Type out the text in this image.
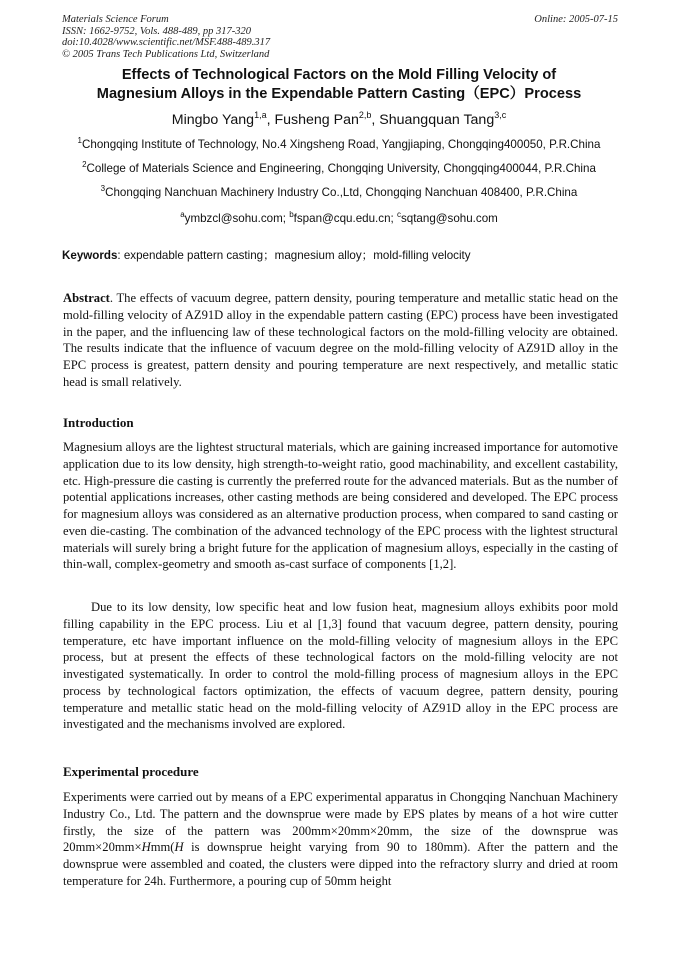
Materials Science Forum
ISSN: 1662-9752, Vols. 488-489, pp 317-320
doi:10.4028/www.scientific.net/MSF.488-489.317
© 2005 Trans Tech Publications Ltd, Switzerland
Online: 2005-07-15
Effects of Technological Factors on the Mold Filling Velocity of
Magnesium Alloys in the Expendable Pattern Casting（EPC）Process
Mingbo Yang$^{1,a}$, Fusheng Pan$^{2,b}$, Shuangquan Tang$^{3,c}$
$^1$Chongqing Institute of Technology, No.4 Xingsheng Road, Yangjiaping, Chongqing400050, P.R.China
$^2$College of Materials Science and Engineering, Chongqing University, Chongqing400044, P.R.China
$^3$Chongqing Nanchuan Machinery Industry Co.,Ltd, Chongqing Nanchuan 408400, P.R.China
$^a$ymbzcl@sohu.com; $^b$fspan@cqu.edu.cn; $^c$sqtang@sohu.com
Keywords: expendable pattern casting；magnesium alloy；mold-filling velocity

Abstract. The effects of vacuum degree, pattern density, pouring temperature and metallic static head on the mold-filling velocity of AZ91D alloy in the expendable pattern casting (EPC) process have been investigated in the paper, and the influencing law of these technological factors on the mold-filling velocity are obtained. The results indicate that the influence of vacuum degree on the mold-filling velocity of AZ91D alloy in the EPC process is greatest, pattern density and pouring temperature are next respectively, and metallic static head is small relatively.

Introduction

Magnesium alloys are the lightest structural materials, which are gaining increased importance for automotive application due to its low density, high strength-to-weight ratio, good machinability, and excellent castability, etc. High-pressure die casting is currently the preferred route for the advanced materials. But as the number of potential applications increases, other casting methods are being considered and developed. The EPC process for magnesium alloys was considered as an alternative production process, when compared to sand casting or even die-casting. The combination of the advanced technology of the EPC process with the lightest structural materials will surely bring a bright future for the application of magnesium alloys, especially in the casting of thin-wall, complex-geometry and smooth as-cast surface of components [1,2].

Due to its low density, low specific heat and low fusion heat, magnesium alloys exhibits poor mold filling capability in the EPC process. Liu et al [1,3] found that vacuum degree, pattern density, pouring temperature, etc have important influence on the mold-filling velocity of magnesium alloys in the EPC process, but at present the effects of these technological factors on the mold-filling velocity are not investigated systematically. In order to control the mold-filling process of magnesium alloys in the EPC process by technological factors optimization, the effects of vacuum degree, pattern density, pouring temperature and metallic static head on the mold-filling velocity of AZ91D alloy in the EPC process are investigated and the mechanisms involved are explored.

Experimental procedure

Experiments were carried out by means of a EPC experimental apparatus in Chongqing Nanchuan Machinery Industry Co., Ltd. The pattern and the downsprue were made by EPS plates by means of a hot wire cutter firstly, the size of the pattern was 200mm×20mm×20mm, the size of the downsprue was 20mm×20mm×Hmm(H is downsprue height varying from 90 to 180mm). After the pattern and the downsprue were assembled and coated, the clusters were dipped into the refractory slurry and dried at room temperature for 24h. Furthermore, a pouring cup of 50mm height
